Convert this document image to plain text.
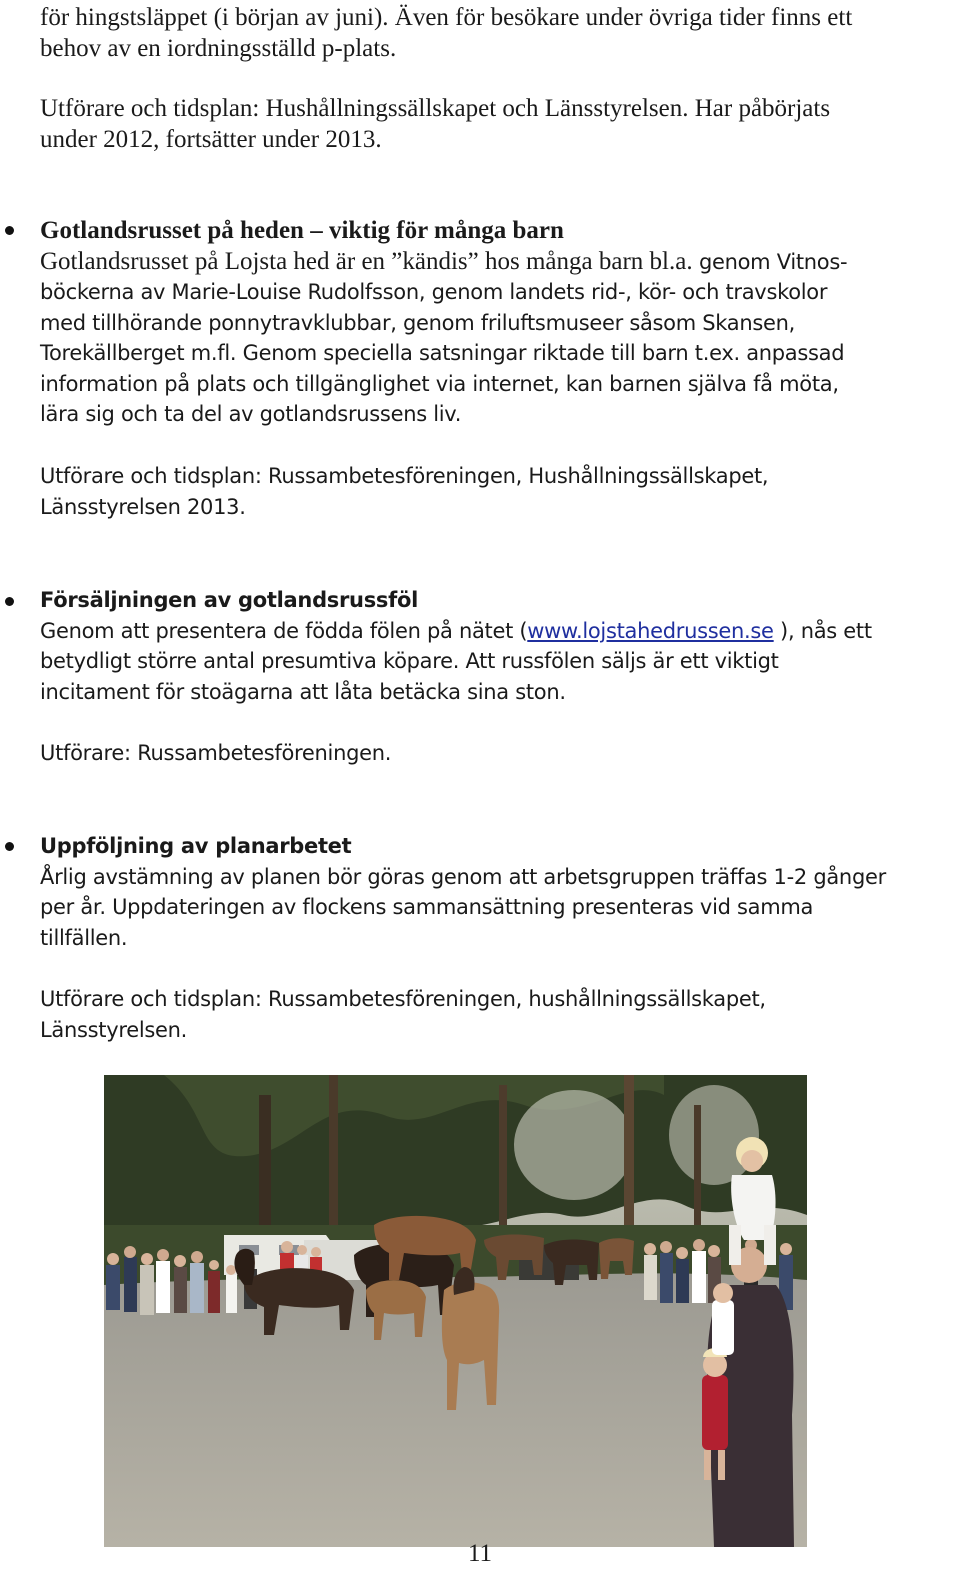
för hingstsläppet (i början av juni). Även för besökare under övriga tider finns ett
behov av en iordningsställd p-plats.

Utförare och tidsplan: Hushållningssällskapet och Länsstyrelsen. Har påbörjats
under 2012, fortsätter under 2013.

Gotlandsrusset på heden – viktig för många barn
Gotlandsrusset på Lojsta hed är en ”kändis” hos många barn bl.a. genom Vitnos-
böckerna av Marie-Louise Rudolfsson, genom landets rid-, kör- och travskolor
med tillhörande ponnytravklubbar, genom friluftsmuseer såsom Skansen,
Torekällberget m.fl. Genom speciella satsningar riktade till barn t.ex. anpassad
information på plats och tillgänglighet via internet, kan barnen själva få möta,
lära sig och ta del av gotlandsrussens liv.
Utförare och tidsplan: Russambetesföreningen, Hushållningssällskapet,
Länsstyrelsen 2013.
Försäljningen av gotlandsrussföl
Genom att presentera de födda fölen på nätet (www.lojstahedrussen.se ), nås ett
betydligt större antal presumtiva köpare. Att russfölen säljs är ett viktigt
incitament för stoägarna att låta betäcka sina ston.
Utförare: Russambetesföreningen.
Uppföljning av planarbetet
Årlig avstämning av planen bör göras genom att arbetsgruppen träffas 1-2 gånger
per år. Uppdateringen av flockens sammansättning presenteras vid samma
tillfällen.
Utförare och tidsplan: Russambetesföreningen, hushållningssällskapet,
Länsstyrelsen.
11
